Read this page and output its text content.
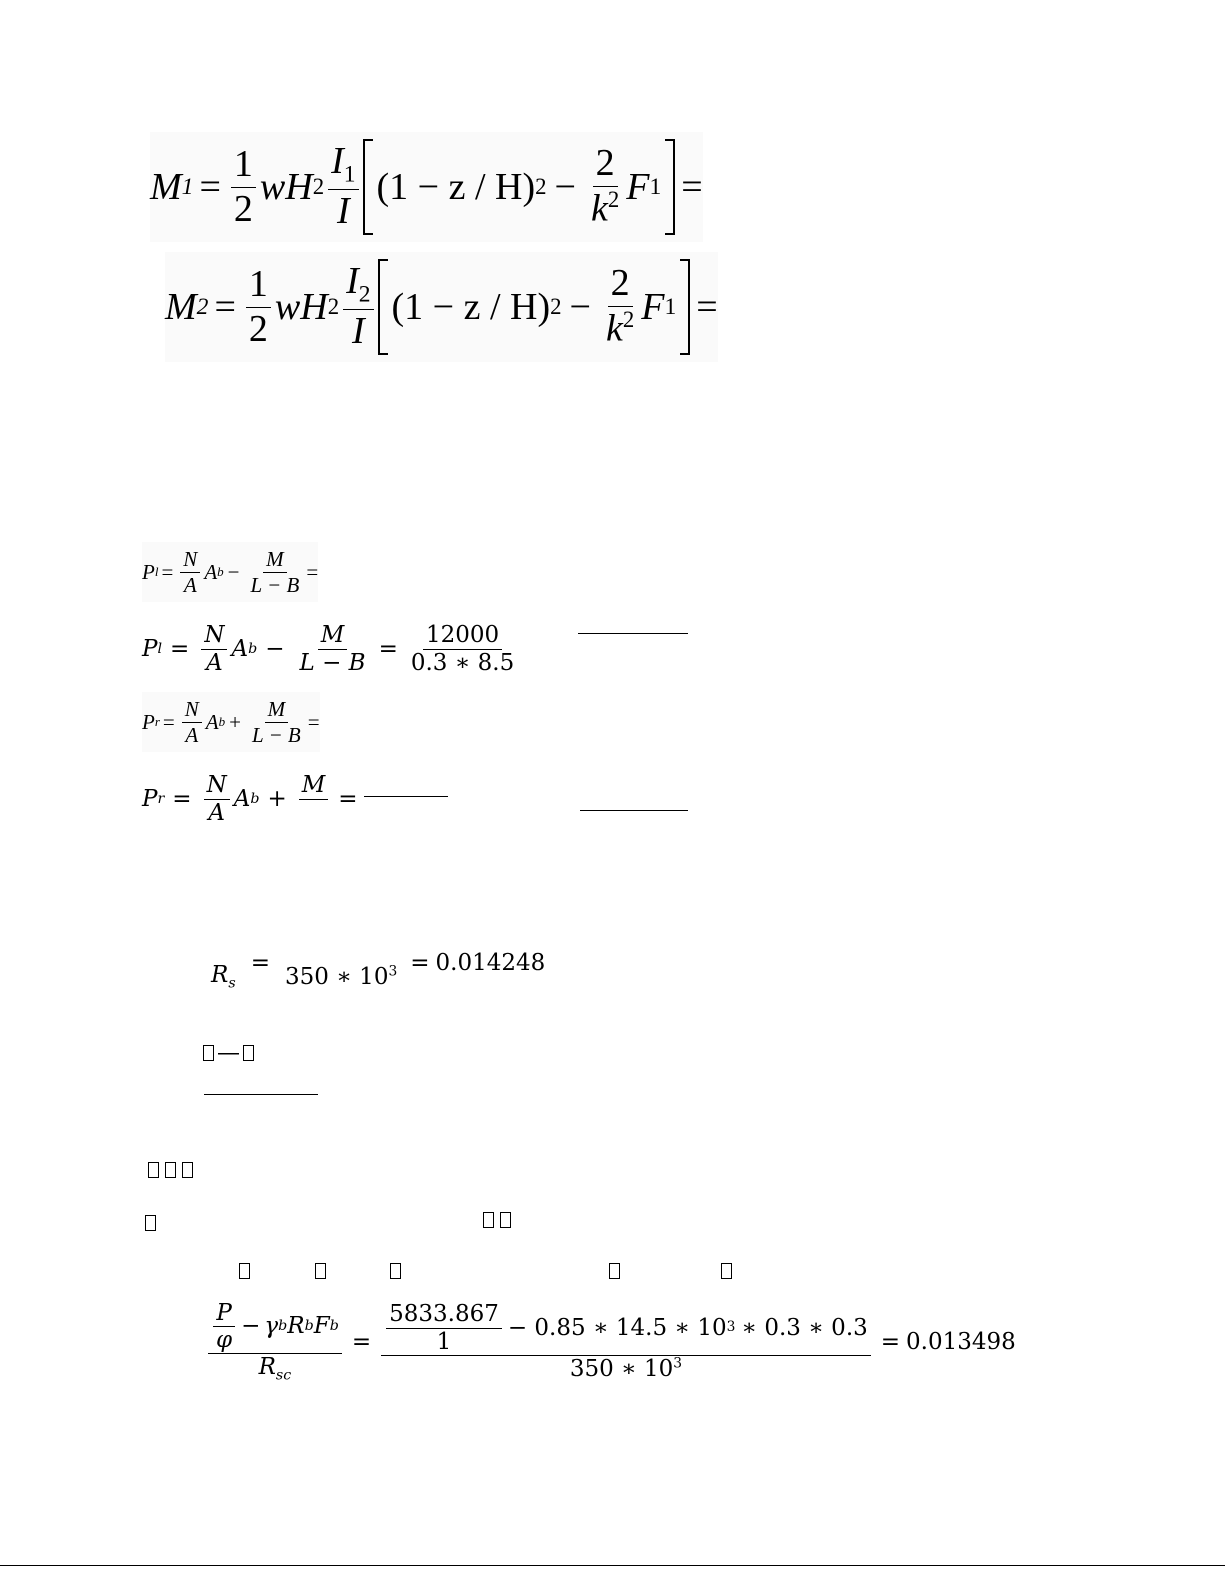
M $1 = \frac{1}{2}$ w H $2 \frac{I_1}{I} (1 - z / H) 2 - \frac{2}{k^2}$ F 1 =
M $2 = \frac{1}{2}$ w H $2 \frac{I_2}{I} (1 - z / H) 2 - \frac{2}{k^2}$ F 1 =
P $l = \frac{N}{A}$ A $b - \frac{M}{L - B}$ =
P $l = \frac{N}{A}$ A $b - \frac{M}{L - B} = \frac{12000}{0.3 ∗ 8.5}$
P $r = \frac{N}{A}$ A $b + \frac{M}{L - B}$ =
P $r = \frac{N}{A}$ A b +
M
=
$R_s$
=
350 ∗ $10^3 = 0.014248$
—
$\frac{\frac{P}{\varphi} - \gamma b R b F b}{R_{sc}} = \frac{\frac{5833.867}{1} - 0.85 ∗ 14.5 ∗ 10 3 ∗ 0.3 ∗ 0.3}{350 ∗ 10^3} = 0.013498$
